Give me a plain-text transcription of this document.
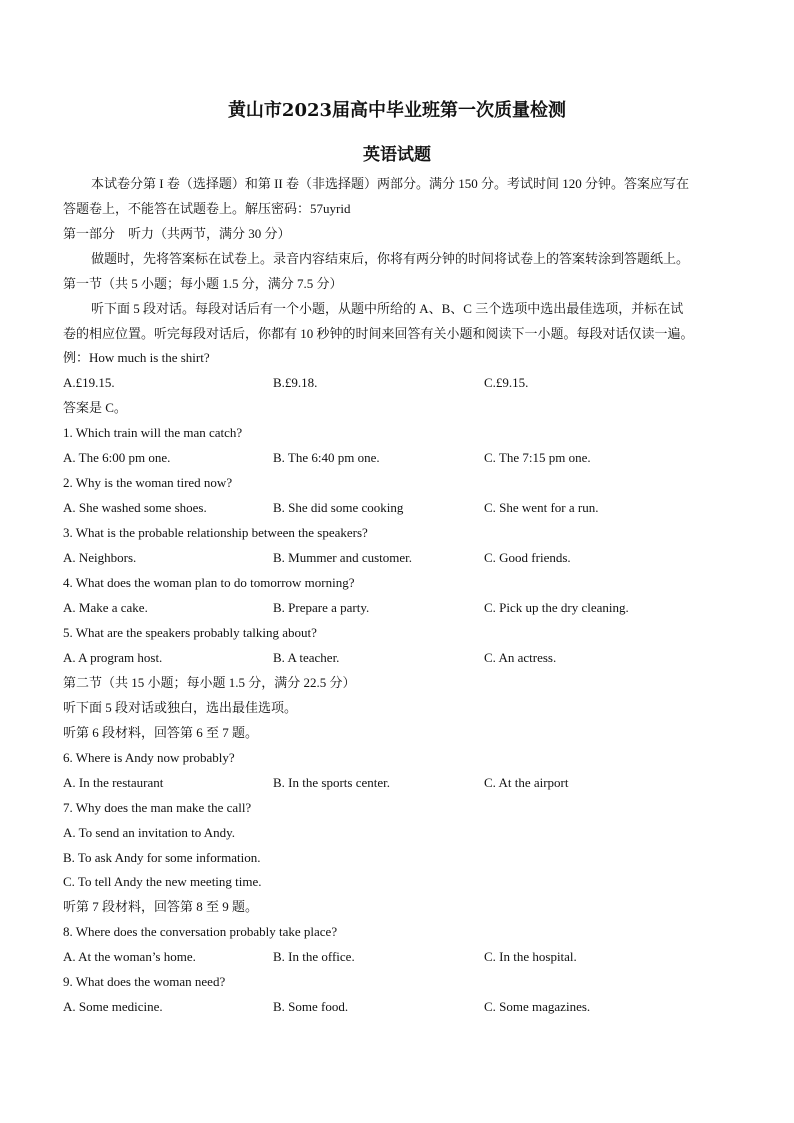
黄山市2023届高中毕业班第一次质量检测
英语试题
本试卷分第 I 卷（选择题）和第 II 卷（非选择题）两部分。满分 150 分。考试时间 120 分钟。答案应写在
答题卷上，不能答在试题卷上。解压密码：57uyrid
第一部分　听力（共两节，满分 30 分）
做题时，先将答案标在试卷上。录音内容结束后，你将有两分钟的时间将试卷上的答案转涂到答题纸上。
第一节（共 5 小题；每小题 1.5 分，满分 7.5 分）
听下面 5 段对话。每段对话后有一个小题，从题中所给的 A、B、C 三个选项中选出最佳选项，并标在试
卷的相应位置。听完每段对话后，你都有 10 秒钟的时间来回答有关小题和阅读下一小题。每段对话仅读一遍。
例：How much is the shirt?
A.£19.15.	B.£9.18.	C.£9.15.
答案是 C。
1. Which train will the man catch?
A. The 6:00 pm one.	B. The 6:40 pm one.	C. The 7:15 pm one.
2. Why is the woman tired now?
A. She washed some shoes.	B. She did some cooking	C. She went for a run.
3. What is the probable relationship between the speakers?
A. Neighbors.	B. Mummer and customer.	C. Good friends.
4. What does the woman plan to do tomorrow morning?
A. Make a cake.	B. Prepare a party.	C. Pick up the dry cleaning.
5. What are the speakers probably talking about?
A. A program host.	B. A teacher.	C. An actress.
第二节（共 15 小题；每小题 1.5 分，满分 22.5 分）
听下面 5 段对话或独白，选出最佳选项。
听第 6 段材料，回答第 6 至 7 题。
6. Where is Andy now probably?
A. In the restaurant	B. In the sports center.	C. At the airport
7. Why does the man make the call?
A. To send an invitation to Andy.
B. To ask Andy for some information.
C. To tell Andy the new meeting time.
听第 7 段材料，回答第 8 至 9 题。
8. Where does the conversation probably take place?
A. At the woman’s home.	B. In the office.	C. In the hospital.
9. What does the woman need?
A. Some medicine.	B. Some food.	C. Some magazines.
